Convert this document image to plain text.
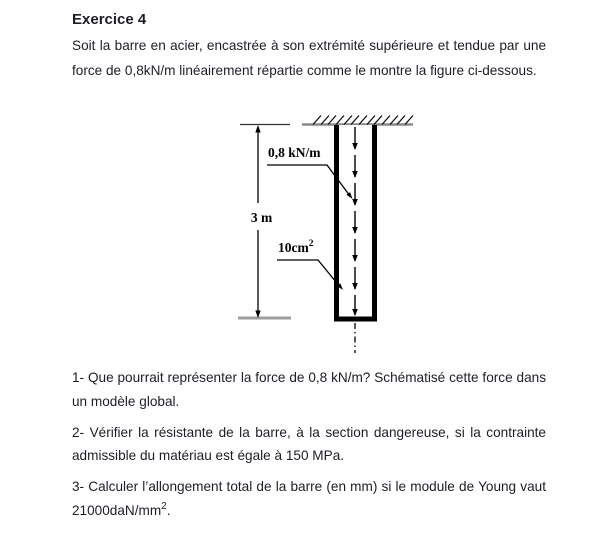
Exercice 4
Soit la barre en acier, encastrée à son extrémité supérieure et tendue par une
force de 0,8kN/m linéairement répartie comme le montre la figure ci-dessous.
3 m
0,8 kN/m
$10cm^2$

1- Que pourrait représenter la force de 0,8 kN/m? Schématisé cette force dans
un modèle global.

2- Vérifier la résistante de la barre, à la section dangereuse, si la contrainte
admissible du matériau est égale à 150 MPa.

3- Calculer l’allongement total de la barre (en mm) si le module de Young vaut
$21000daN/mm^2$.
